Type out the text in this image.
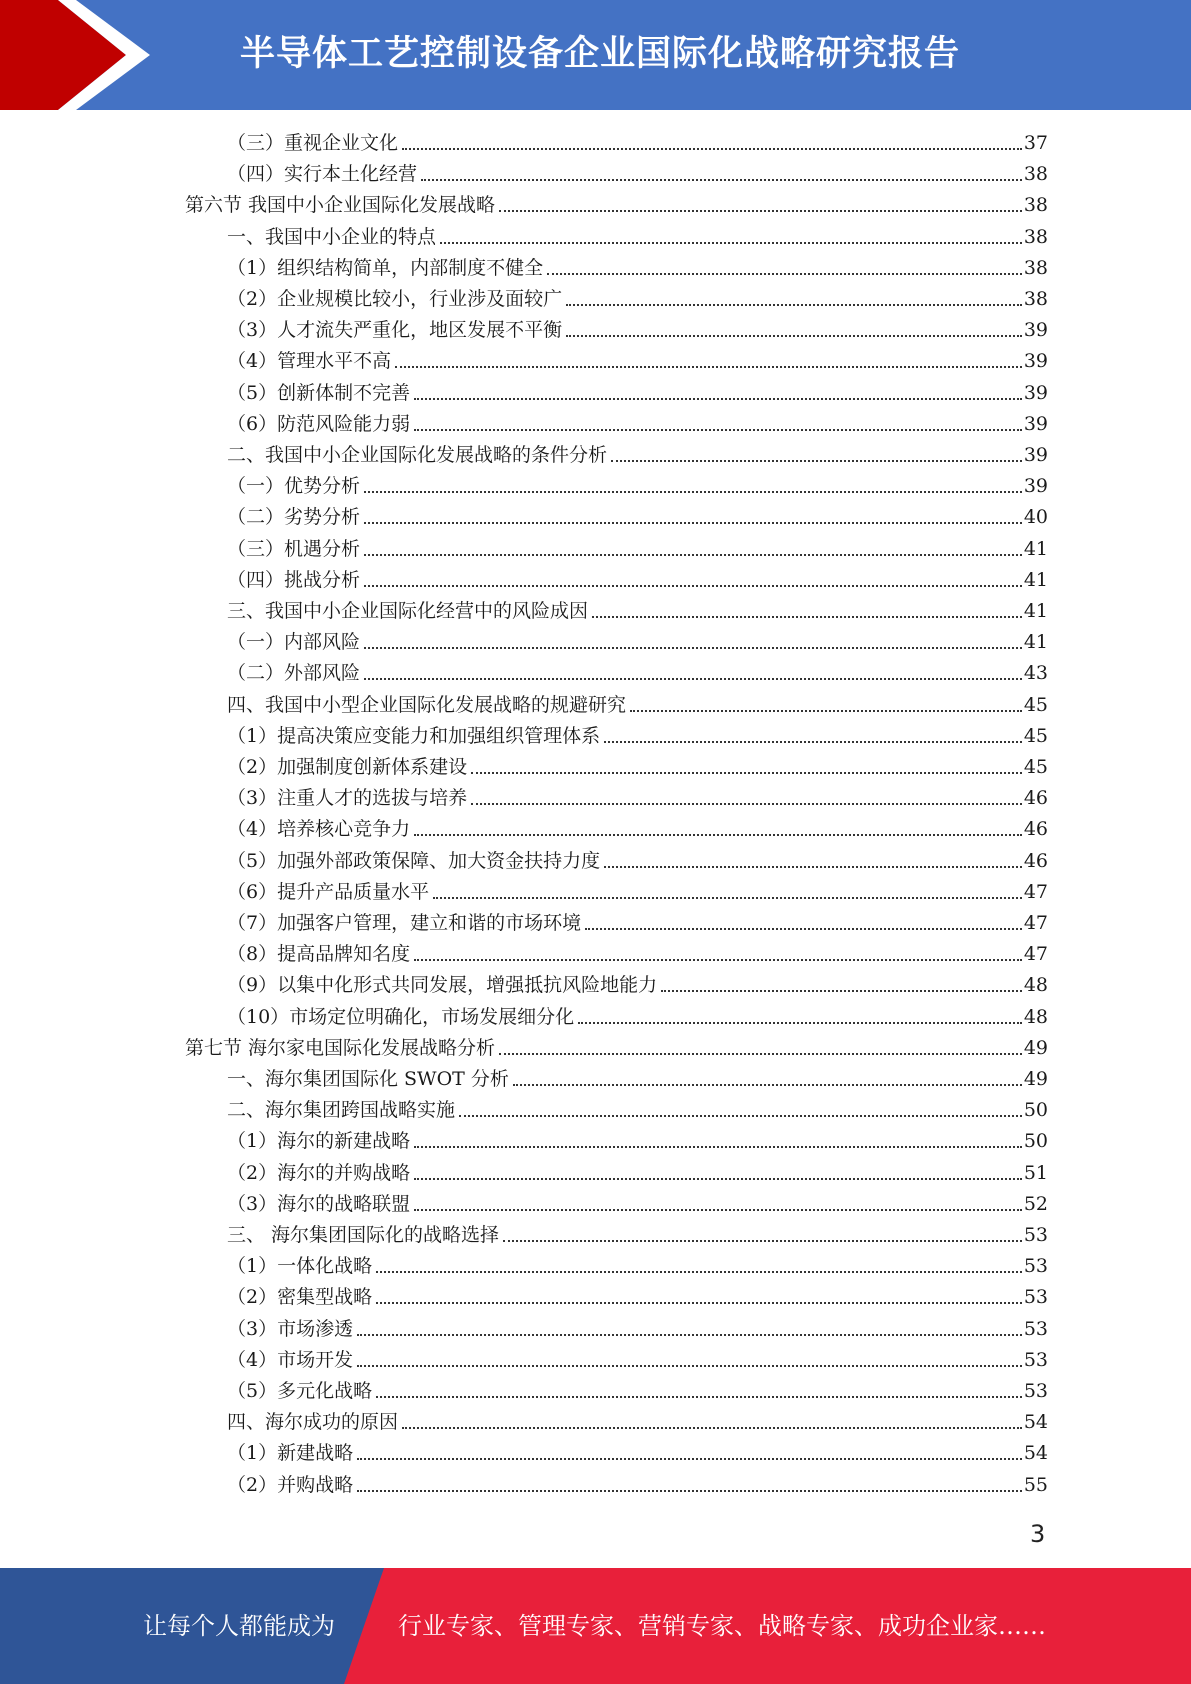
半导体工艺控制设备企业国际化战略研究报告
（三）重视企业文化	37
（四）实行本土化经营	38
第六节 我国中小企业国际化发展战略	38
一、我国中小企业的特点	38
（1）组织结构简单，内部制度不健全	38
（2）企业规模比较小，行业涉及面较广	38
（3）人才流失严重化，地区发展不平衡	39
（4）管理水平不高	39
（5）创新体制不完善	39
（6）防范风险能力弱	39
二、我国中小企业国际化发展战略的条件分析	39
（一）优势分析	39
（二）劣势分析	40
（三）机遇分析	41
（四）挑战分析	41
三、我国中小企业国际化经营中的风险成因	41
（一）内部风险	41
（二）外部风险	43
四、我国中小型企业国际化发展战略的规避研究	45
（1）提高决策应变能力和加强组织管理体系	45
（2）加强制度创新体系建设	45
（3）注重人才的选拔与培养	46
（4）培养核心竞争力	46
（5）加强外部政策保障、加大资金扶持力度	46
（6）提升产品质量水平	47
（7）加强客户管理，建立和谐的市场环境	47
（8）提高品牌知名度	47
（9）以集中化形式共同发展，增强抵抗风险地能力	48
（10）市场定位明确化，市场发展细分化	48
第七节 海尔家电国际化发展战略分析	49
一、海尔集团国际化 SWOT 分析	49
二、海尔集团跨国战略实施	50
（1）海尔的新建战略	50
（2）海尔的并购战略	51
（3）海尔的战略联盟	52
三、 海尔集团国际化的战略选择	53
（1）一体化战略	53
（2）密集型战略	53
（3）市场渗透	53
（4）市场开发	53
（5）多元化战略	53
四、海尔成功的原因	54
（1）新建战略	54
（2）并购战略	55
3
让每个人都能成为	行业专家、管理专家、营销专家、战略专家、成功企业家……
